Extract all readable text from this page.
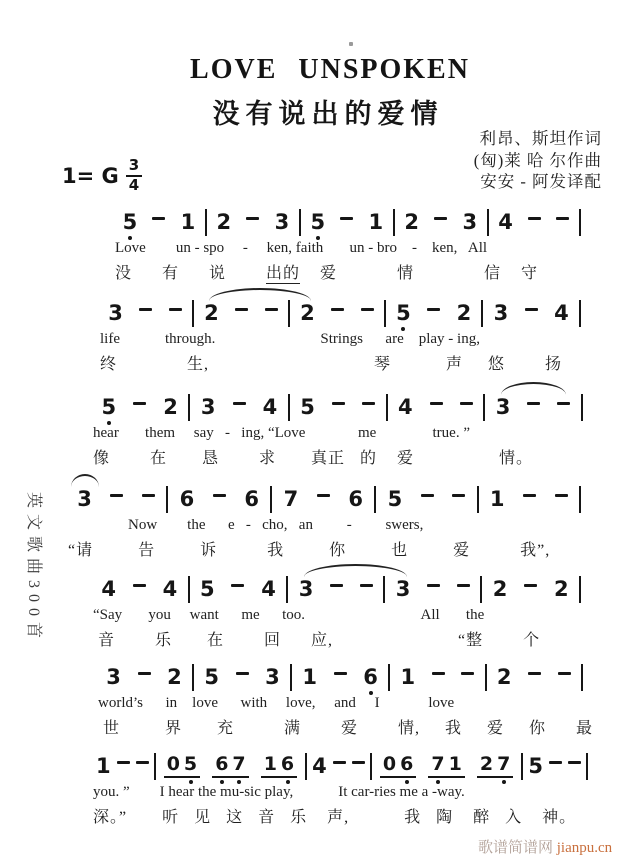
LOVE UNSPOKEN
没有说出的爱情
利昂、斯坦作词
(匈)莱 哈 尔作曲
安安 - 阿发译配
1= G $\frac{3}{4}$
5 1 2 3 5 1 2 3 4
Love        un - spo     -     ken, faith       un - bro    -    ken,   All
没      有      说        出的    爱            情              信    守
3	2	2	5 2 3 4
life            through.                            Strings      are    play - ing,
终              生,                                 琴           声     悠        扬
5 2 3 4 5	4	3
hear       them     say   -   ing, “Love              me               true. ”
像        在       恳        求       真正   的    爱                 情。
3	6 6 7 6 5	1
Now        the      e   -   cho,   an         -         swers,
“请         告         诉          我         你         也         爱          我”,
4 4 5 4 3	3	2 2
“Say       you     want      me      too.                               All       the
音        乐       在        回      应,                         “整        个
3 2 5 3 1 6 1	2
world’s      in    love      with     love,     and     I             love
世         界       充          满        爱        情,     我     爱     你      最
1	0 5 6 7 1 6 4	0 6 7 1 2 7 5
you. ”        I hear the mu-sic play,            It car-ries me a -way.
深。”       听   见   这   音   乐    声,           我   陶    醉   入    神。
英文歌曲300首
歌谱简谱网 jianpu.cn
